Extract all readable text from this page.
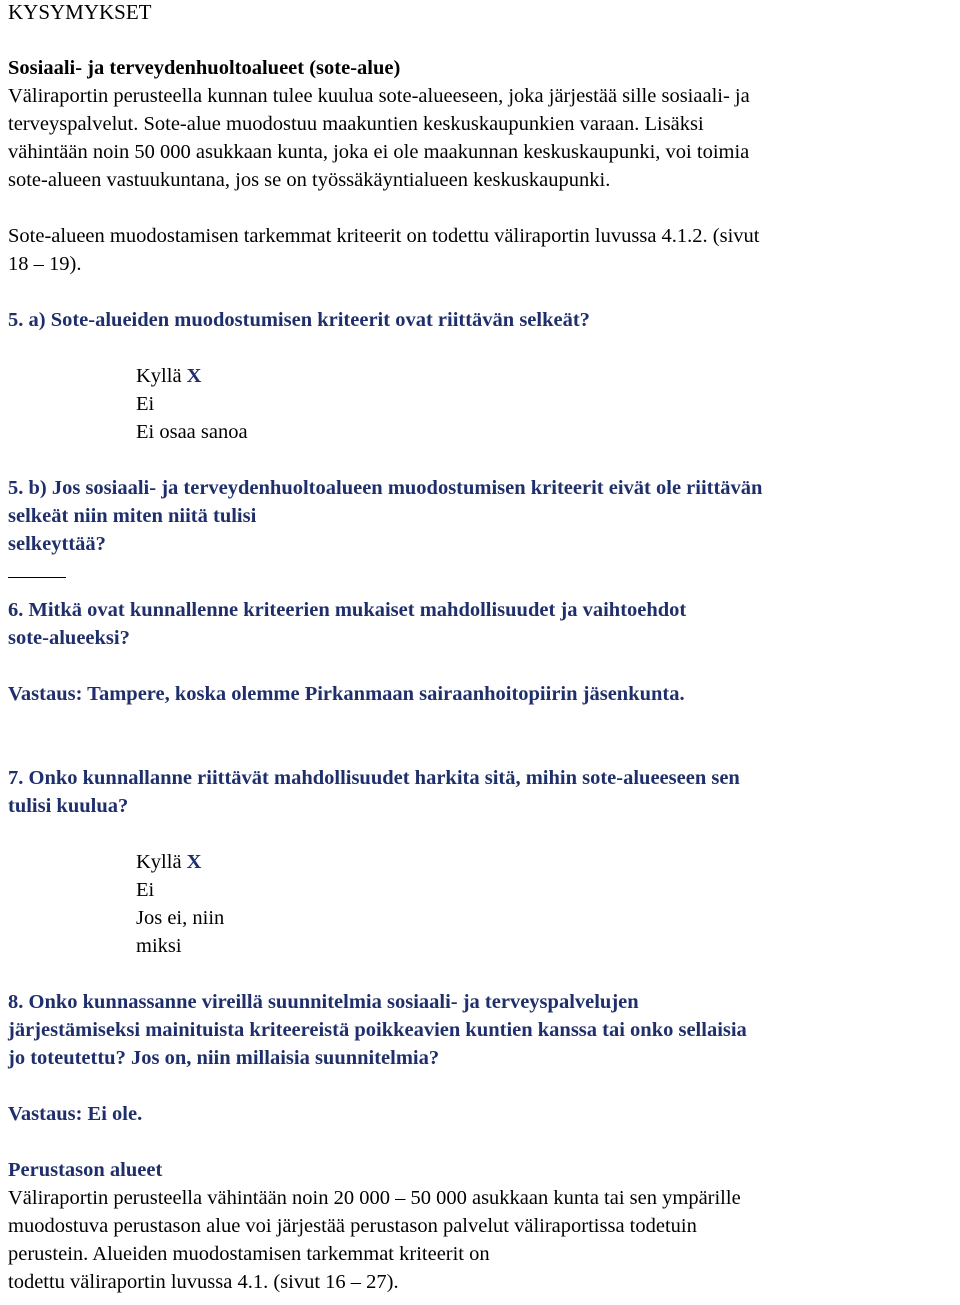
KYSYMYKSET

Sosiaali- ja terveydenhuoltoalueet (sote-alue)

Väliraportin perusteella kunnan tulee kuulua sote-alueeseen, joka järjestää sille sosiaali- ja

terveyspalvelut. Sote-alue muodostuu maakuntien keskuskaupunkien varaan. Lisäksi

vähintään noin 50 000 asukkaan kunta, joka ei ole maakunnan keskuskaupunki, voi toimia

sote-alueen vastuukuntana, jos se on työssäkäyntialueen keskuskaupunki.

Sote-alueen muodostamisen tarkemmat kriteerit on todettu väliraportin luvussa 4.1.2. (sivut

18 – 19).

5. a) Sote-alueiden muodostumisen kriteerit ovat riittävän selkeät?

Kyllä X

Ei

Ei osaa sanoa

5. b) Jos sosiaali- ja terveydenhuoltoalueen muodostumisen kriteerit eivät ole riittävän

selkeät niin miten niitä tulisi

selkeyttää?

6. Mitkä ovat kunnallenne kriteerien mukaiset mahdollisuudet ja vaihtoehdot

sote-alueeksi?

Vastaus: Tampere, koska olemme Pirkanmaan sairaanhoitopiirin jäsenkunta.

7. Onko kunnallanne riittävät mahdollisuudet harkita sitä, mihin sote-alueeseen sen

tulisi kuulua?

Kyllä X

Ei

Jos ei, niin

miksi

8. Onko kunnassanne vireillä suunnitelmia sosiaali- ja terveyspalvelujen

järjestämiseksi mainituista kriteereistä poikkeavien kuntien kanssa tai onko sellaisia

jo toteutettu? Jos on, niin millaisia suunnitelmia?

Vastaus: Ei ole.

Perustason alueet

Väliraportin perusteella vähintään noin 20 000 – 50 000 asukkaan kunta tai sen ympärille

muodostuva perustason alue voi järjestää perustason palvelut väliraportissa todetuin

perustein. Alueiden muodostamisen tarkemmat kriteerit on

todettu väliraportin luvussa 4.1. (sivut 16 – 27).
